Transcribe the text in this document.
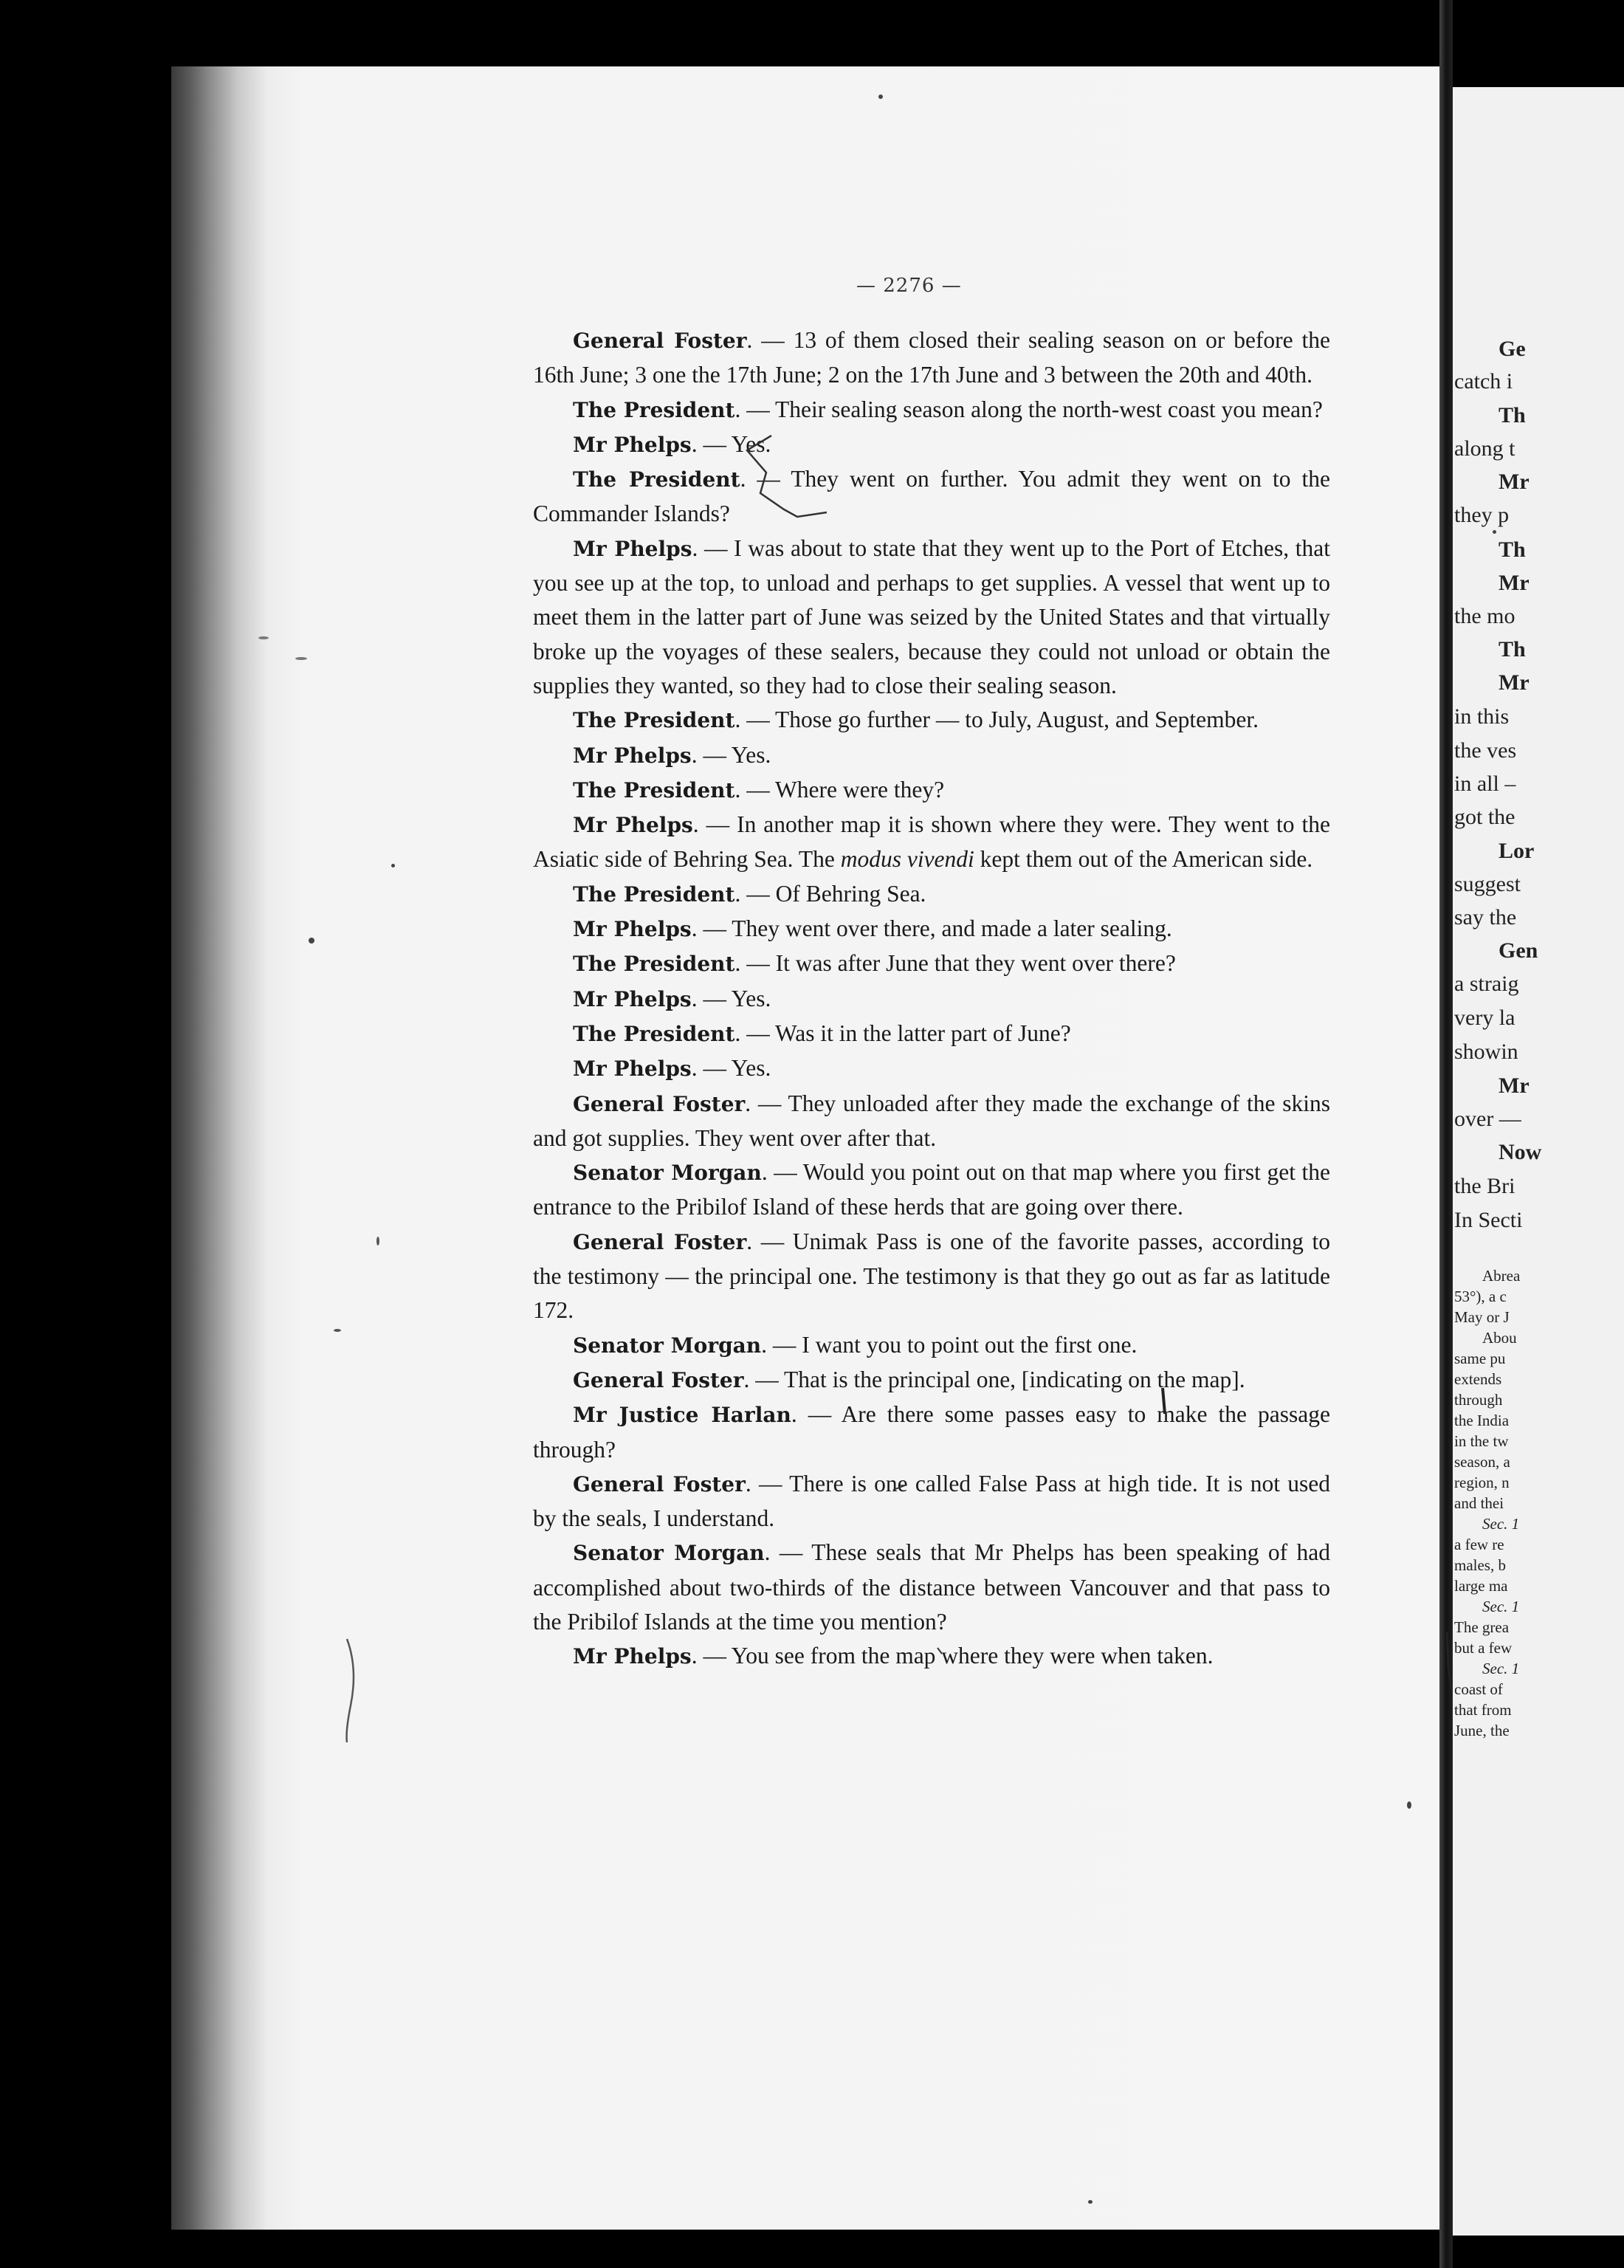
Ge
catch i
Th
along t
Mr
they p
Th
Mr
the mo
Th
Mr
in this
the ves
in all –
got the
Lor
suggest
say the
Gen
a straig
very la
showin
Mr
over —
Now
the Bri
In Secti
Abrea
53°), a c
May or J
Abou
same pu
extends
through
the India
in the tw
season, a
region, n
and thei
Sec. 1
a few re
males, b
large ma
Sec. 1
The grea
but a few
Sec. 1
coast of
that from
June, the
— 2276 —

General Foster. — 13 of them closed their sealing season on or before the 16th June; 3 one the 17th June; 2 on the 17th June and 3 between the 20th and 40th.

The President. — Their sealing season along the north-west coast you mean?

Mr Phelps. — Yes.

The President. — They went on further. You admit they went on to the Commander Islands?

Mr Phelps. — I was about to state that they went up to the Port of Etches, that you see up at the top, to unload and perhaps to get supplies. A vessel that went up to meet them in the latter part of June was seized by the United States and that virtually broke up the voyages of these sealers, because they could not unload or obtain the supplies they wanted, so they had to close their sealing season.

The President. — Those go further — to July, August, and September.

Mr Phelps. — Yes.

The President. — Where were they?

Mr Phelps. — In another map it is shown where they were. They went to the Asiatic side of Behring Sea. The modus vivendi kept them out of the American side.

The President. — Of Behring Sea.

Mr Phelps. — They went over there, and made a later sealing.

The President. — It was after June that they went over there?

Mr Phelps. — Yes.

The President. — Was it in the latter part of June?

Mr Phelps. — Yes.

General Foster. — They unloaded after they made the exchange of the skins and got supplies. They went over after that.

Senator Morgan. — Would you point out on that map where you first get the entrance to the Pribilof Island of these herds that are going over there.

General Foster. — Unimak Pass is one of the favorite passes, according to the testimony — the principal one. The testimony is that they go out as far as latitude 172.

Senator Morgan. — I want you to point out the first one.

General Foster. — That is the principal one, [indicating on the map].

Mr Justice Harlan. — Are there some passes easy to make the passage through?

General Foster. — There is one called False Pass at high tide. It is not used by the seals, I understand.

Senator Morgan. — These seals that Mr Phelps has been speaking of had accomplished about two-thirds of the distance between Vancouver and that pass to the Pribilof Islands at the time you mention?

Mr Phelps. — You see from the map where they were when taken.
